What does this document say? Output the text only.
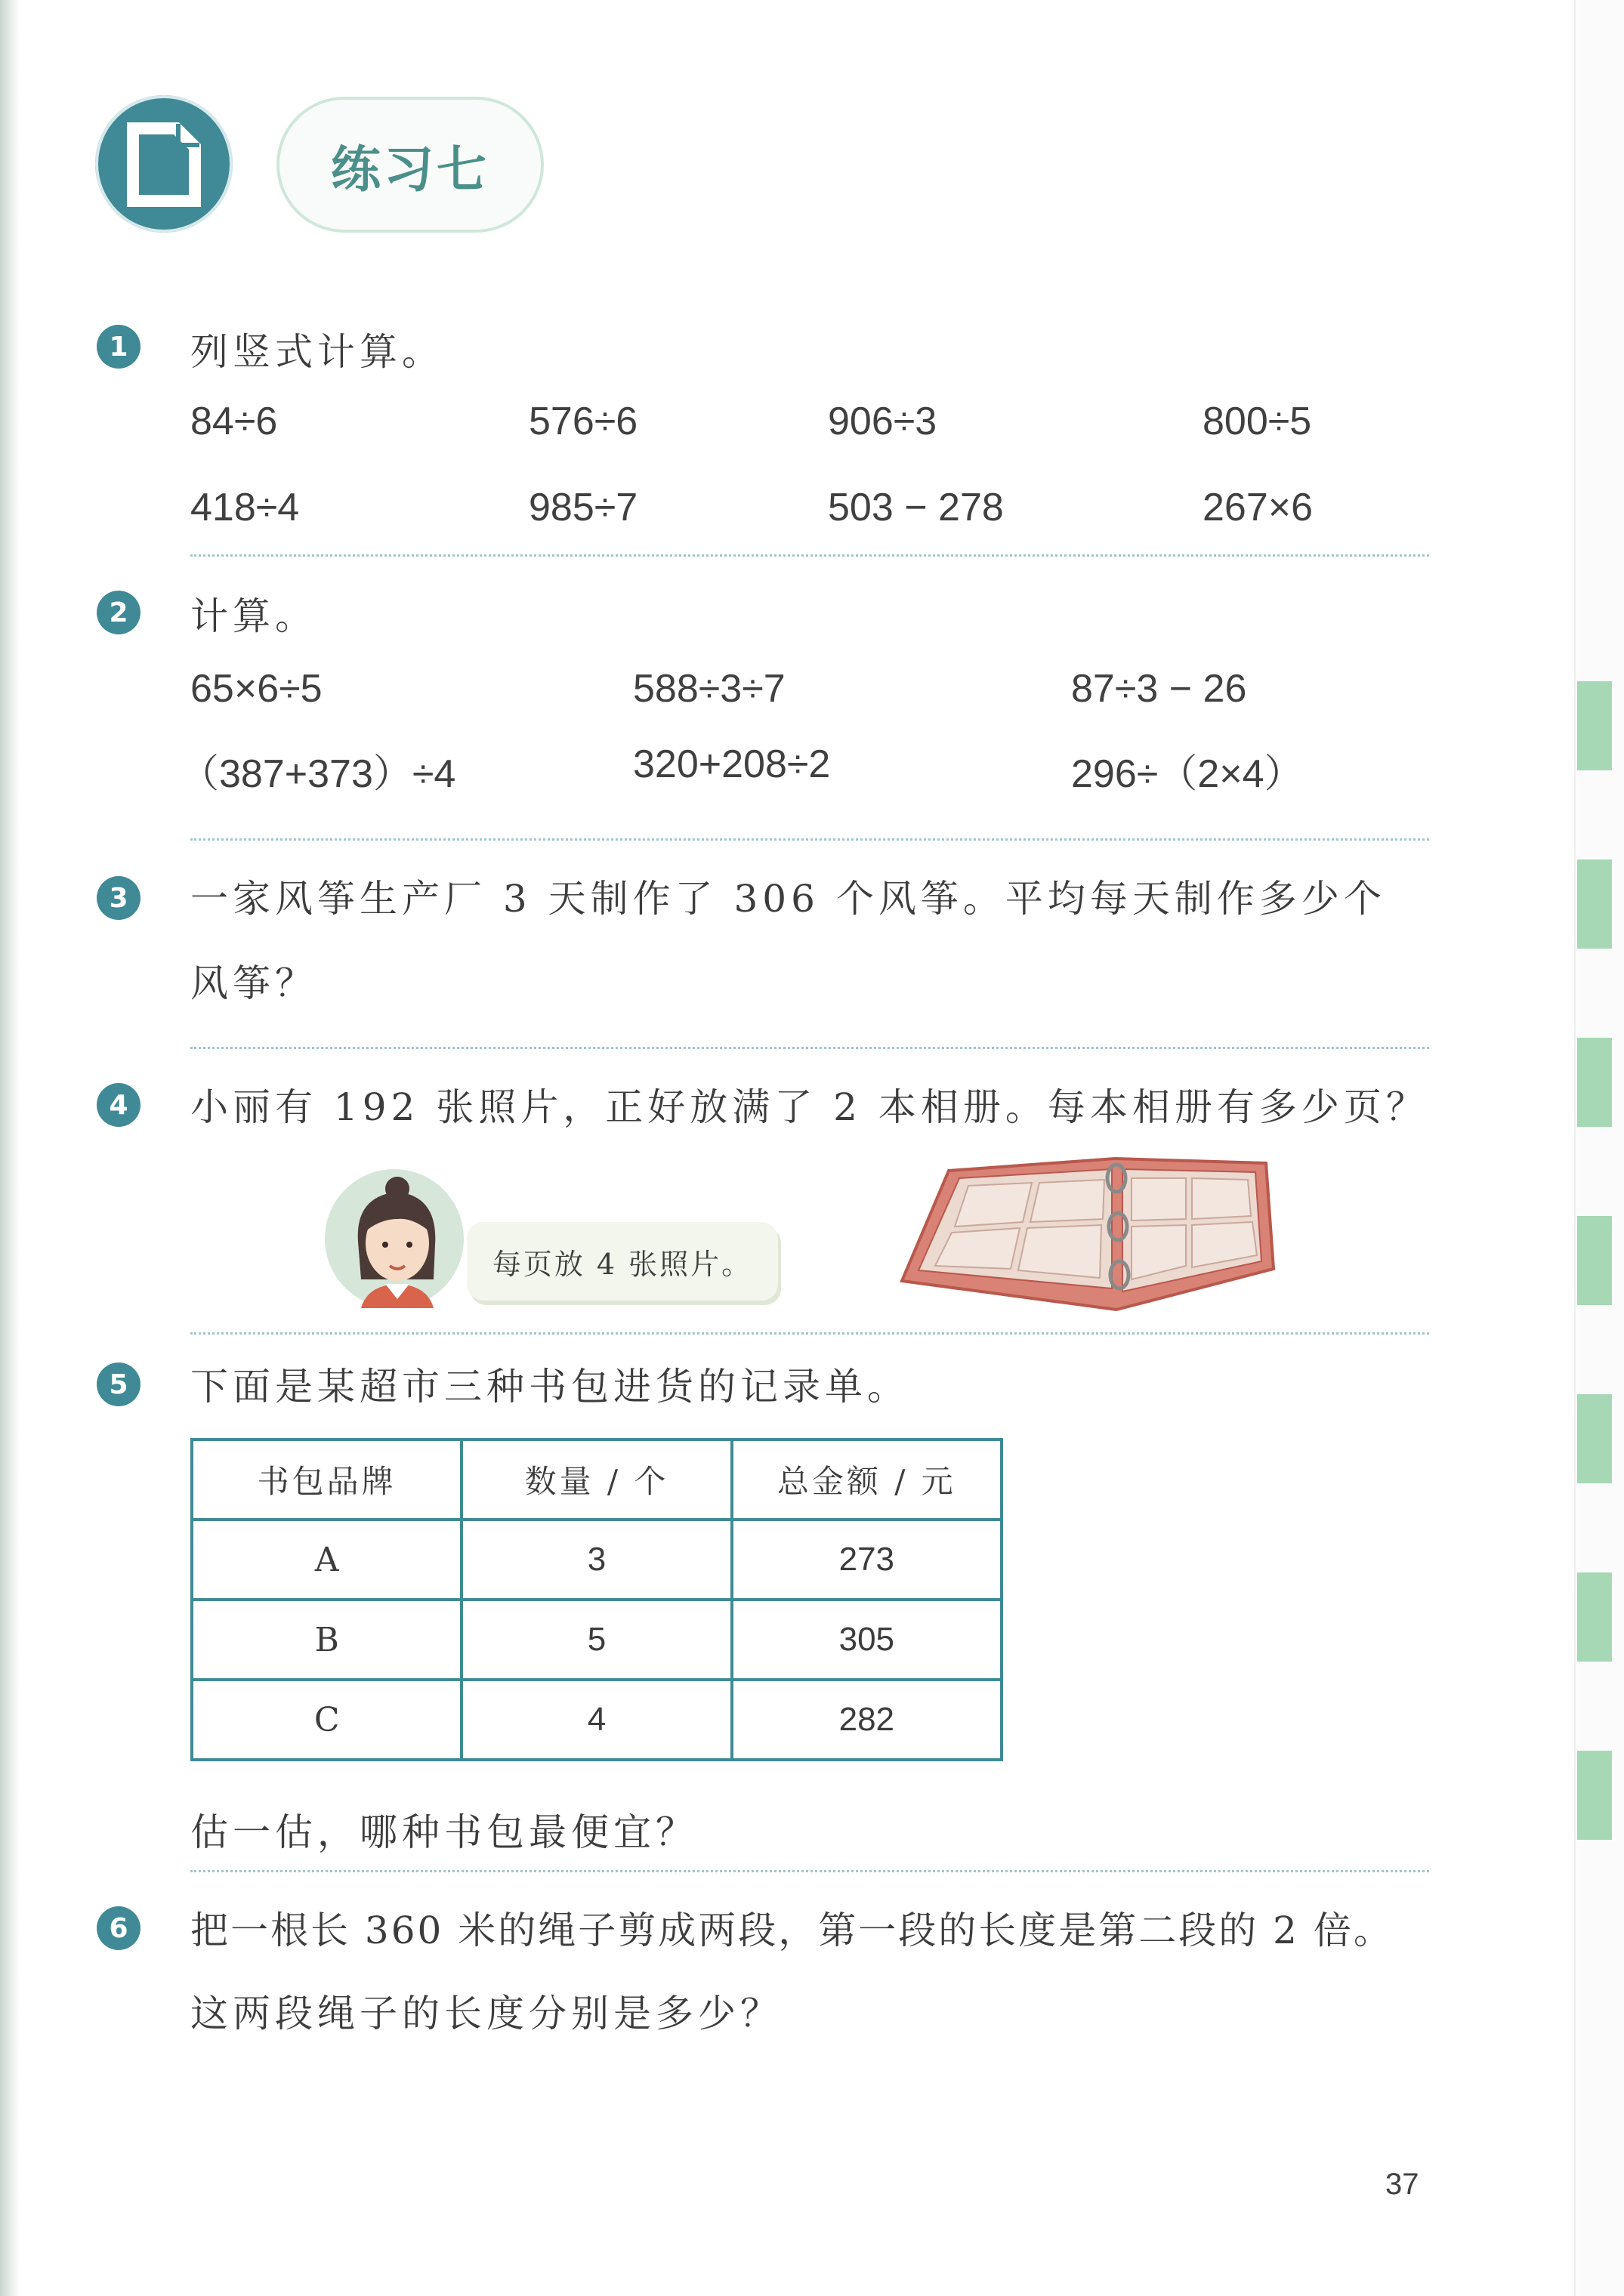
练习七
1	列竖式计算。
84÷6	576÷6	906÷3	800÷5
418÷4	985÷7	503 − 278	267×6
2	计算。
65×6÷5	588÷3÷7	87÷3 − 26
（387+373）÷4	320+208÷2	296÷（2×4）
3	一家风筝生产厂 3 天制作了 306 个风筝。平均每天制作多少个
风筝？
4	小丽有 192 张照片，正好放满了 2 本相册。每本相册有多少页？
每页放 4 张照片。
5	下面是某超市三种书包进货的记录单。
书包品牌	数量 / 个	总金额 / 元
A	3	273
B	5	305
C	4	282
估一估，哪种书包最便宜？
6	把一根长 360 米的绳子剪成两段，第一段的长度是第二段的 2 倍。
这两段绳子的长度分别是多少？
37
